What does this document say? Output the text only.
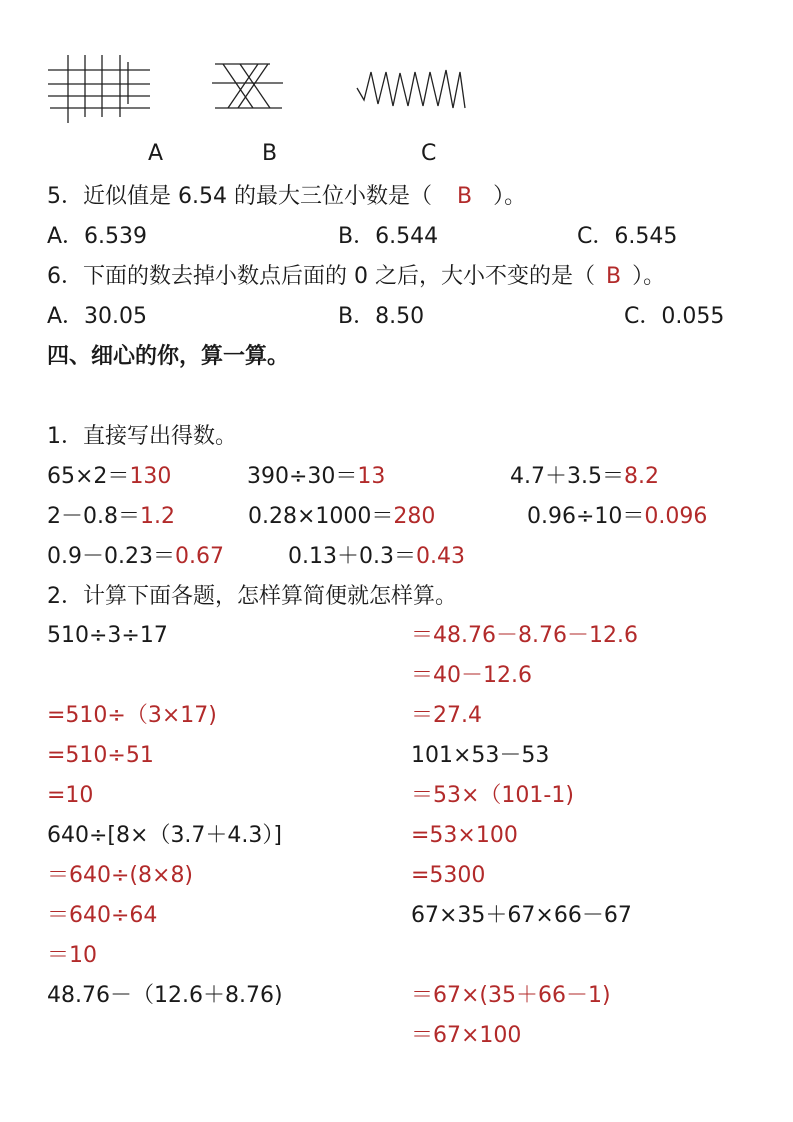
A	B	C
5．近似值是 6.54 的最大三位小数是（ B ）。
A．6.539	B．6.544	C．6.545
6．下面的数去掉小数点后面的 0 之后，大小不变的是（ B ）。
A．30.05	B．8.50	C．0.055
四、细心的你，算一算。
1．直接写出得数。
65×2＝130	390÷30＝13	4.7＋3.5＝8.2
2－0.8＝1.2	0.28×1000＝280	0.96÷10＝0.096
0.9－0.23＝0.67	0.13＋0.3＝0.43
2．计算下面各题，怎样算简便就怎样算。
510÷3÷17
=510÷（3×17)
=510÷51
=10
640÷[8×（3.7＋4.3）]
＝640÷(8×8)
＝640÷64
＝10
48.76－（12.6＋8.76)
＝48.76－8.76－12.6
＝40－12.6
＝27.4
101×53－53
＝53×（101-1)
=53×100
=5300
67×35＋67×66－67
＝67×(35＋66－1)
＝67×100
